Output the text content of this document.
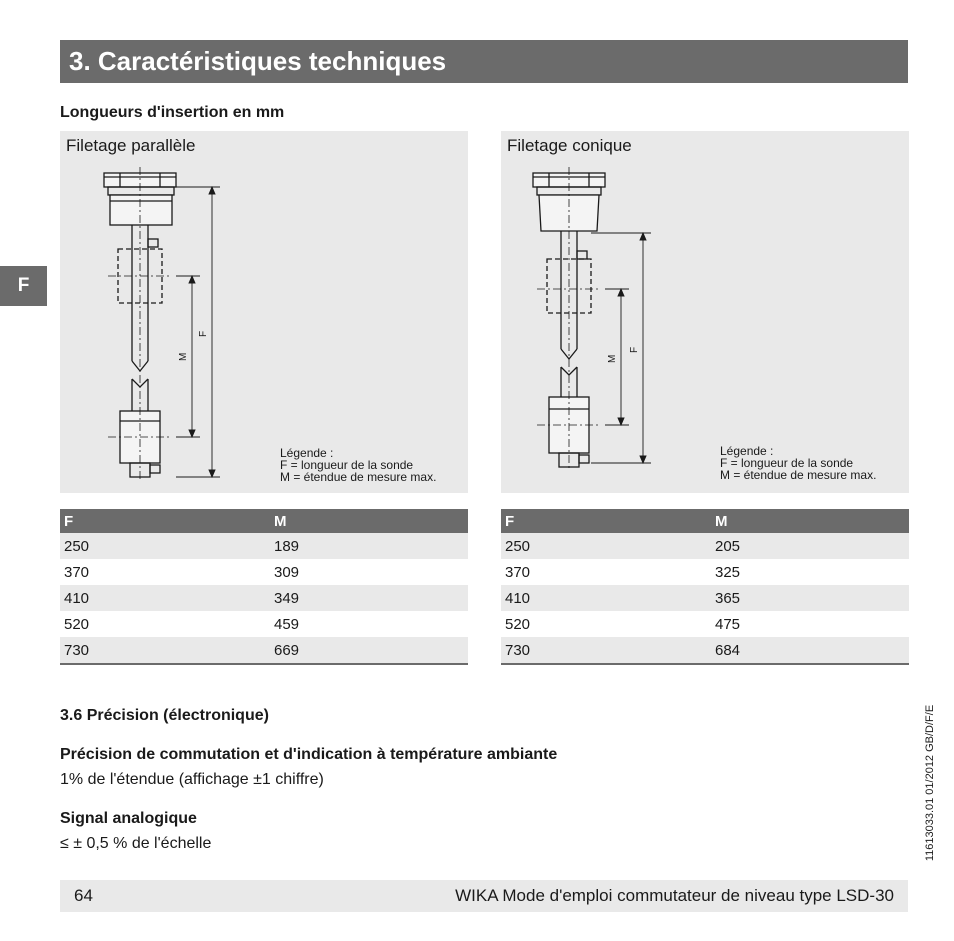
3. Caractéristiques techniques
F
Longueurs d'insertion en mm
Filetage parallèle
M
F
Légende :
F = longueur de la sonde
M = étendue de mesure max.
Filetage conique
M
F
Légende :
F = longueur de la sonde
M = étendue de mesure max.
F	M
250	189
370	309
410	349
520	459
730	669
F	M
250	205
370	325
410	365
520	475
730	684
3.6 Précision (électronique)
Précision de commutation et d'indication à température ambiante
1% de l'étendue (affichage ±1 chiffre)
Signal analogique
≤ ± 0,5 % de l'échelle
64	WIKA Mode d'emploi commutateur de niveau type LSD-30
11613033.01 01/2012 GB/D/F/E
